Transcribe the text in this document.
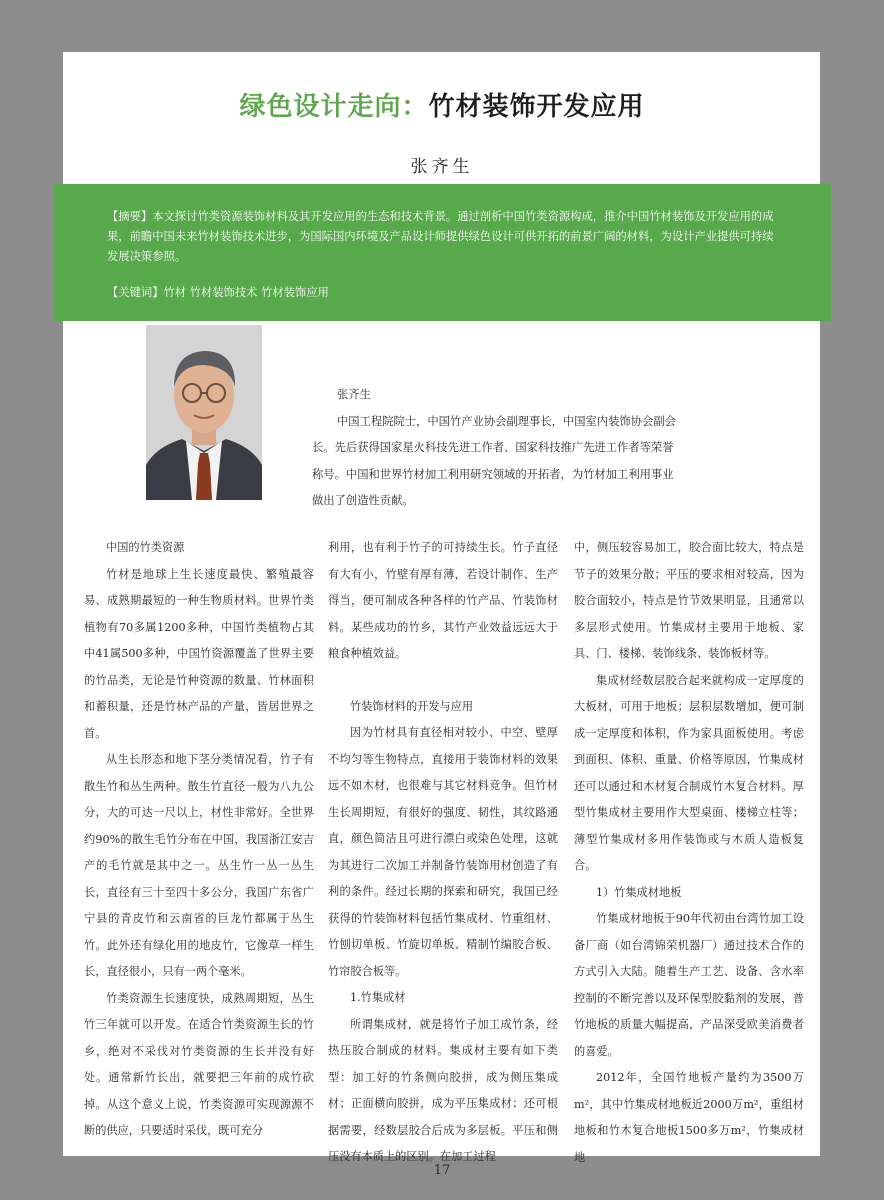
绿色设计走向：竹材装饰开发应用
张齐生

【摘要】本文探讨竹类资源装饰材料及其开发应用的生态和技术背景。通过剖析中国竹类资源构成，推介中国竹材装饰及开发应用的成果，前瞻中国未来竹材装饰技术进步，为国际国内环境及产品设计师提供绿色设计可供开拓的前景广阔的材料，为设计产业提供可持续发展决策参照。

【关键词】竹材 竹材装饰技术 竹材装饰应用

张齐生

中国工程院院士，中国竹产业协会副理事长，中国室内装饰协会副会长。先后获得国家星火科技先进工作者、国家科技推广先进工作者等荣誉称号。中国和世界竹材加工利用研究领域的开拓者，为竹材加工利用事业做出了创造性贡献。

中国的竹类资源

竹材是地球上生长速度最快、繁殖最容易、成熟期最短的一种生物质材料。世界竹类植物有70多属1200多种，中国竹类植物占其中41属500多种，中国竹资源覆盖了世界主要的竹品类，无论是竹种资源的数量、竹林面积和蓄积量，还是竹林产品的产量，皆居世界之首。

从生长形态和地下茎分类情况看，竹子有散生竹和丛生两种。散生竹直径一般为八九公分，大的可达一尺以上，材性非常好。全世界约90%的散生毛竹分布在中国，我国浙江安吉产的毛竹就是其中之一。丛生竹一丛一丛生长，直径有三十至四十多公分，我国广东省广宁县的青皮竹和云南省的巨龙竹都属于丛生竹。此外还有绿化用的地皮竹，它像草一样生长，直径很小，只有一两个毫米。

竹类资源生长速度快，成熟周期短，丛生竹三年就可以开发。在适合竹类资源生长的竹乡，绝对不采伐对竹类资源的生长并没有好处。通常新竹长出，就要把三年前的成竹砍掉。从这个意义上说，竹类资源可实现源源不断的供应，只要适时采伐，既可充分

利用，也有利于竹子的可持续生长。竹子直径有大有小，竹壁有厚有薄，若设计制作、生产得当，便可制成各种各样的竹产品、竹装饰材料。某些成功的竹乡，其竹产业效益远远大于粮食种植效益。

竹装饰材料的开发与应用

因为竹材具有直径相对较小、中空、壁厚不均匀等生物特点，直接用于装饰材料的效果远不如木材，也很难与其它材料竞争。但竹材生长周期短，有很好的强度、韧性，其纹路通直，颜色简洁且可进行漂白或染色处理，这就为其进行二次加工并制备竹装饰用材创造了有利的条件。经过长期的探索和研究，我国已经获得的竹装饰材料包括竹集成材、竹重组材、竹刨切单板、竹旋切单板、精制竹编胶合板、竹帘胶合板等。

1.竹集成材

所谓集成材，就是将竹子加工成竹条，经热压胶合制成的材料。集成材主要有如下类型：加工好的竹条侧向胶拼，成为侧压集成材；正面横向胶拼，成为平压集成材；还可根据需要，经数层胶合后成为多层板。平压和侧压没有本质上的区别。在加工过程

中，侧压较容易加工，胶合面比较大，特点是节子的效果分散；平压的要求相对较高，因为胶合面较小，特点是竹节效果明显，且通常以多层形式使用。竹集成材主要用于地板、家具、门、楼梯、装饰线条、装饰板材等。

集成材经数层胶合起来就构成一定厚度的大板材，可用于地板；层积层数增加，便可制成一定厚度和体积，作为家具面板使用。考虑到面积、体积、重量、价格等原因，竹集成材还可以通过和木材复合制成竹木复合材料。厚型竹集成材主要用作大型桌面、楼梯立柱等；薄型竹集成材多用作装饰或与木质人造板复合。

1）竹集成材地板

竹集成材地板于90年代初由台湾竹加工设备厂商（如台湾锦荣机器厂）通过技术合作的方式引入大陆。随着生产工艺、设备、含水率控制的不断完善以及环保型胶黏剂的发展，普竹地板的质量大幅提高，产品深受欧美消费者的喜爱。

2012年，全国竹地板产量约为3500万m²，其中竹集成材地板近2000万m²，重组材地板和竹木复合地板1500多万m²，竹集成材地

17
